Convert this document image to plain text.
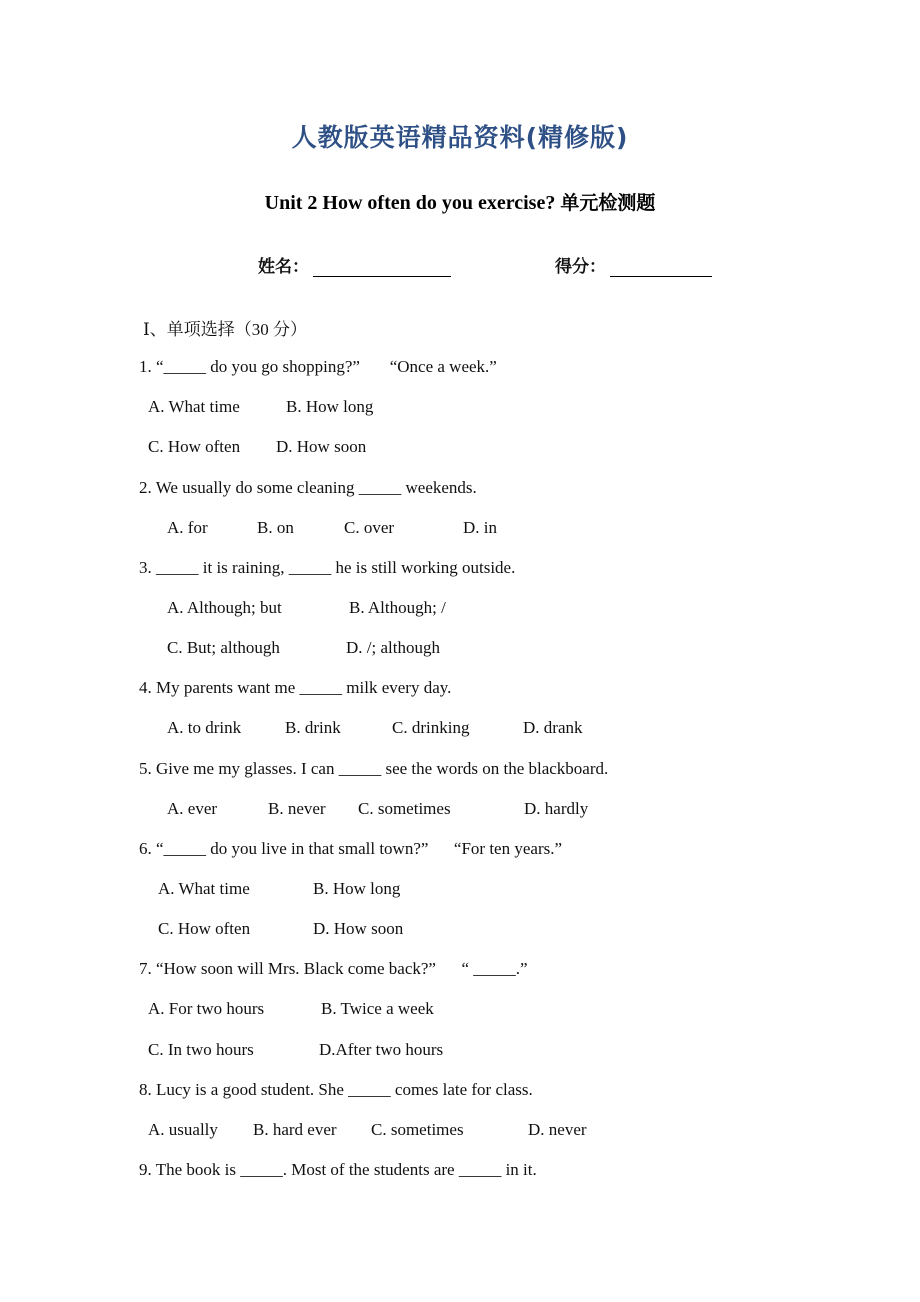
人教版英语精品资料(精修版)
Unit 2 How often do you exercise? 单元检测题
姓名：	得分：
Ⅰ、单项选择（30 分）
1. “_____ do you go shopping?”       “Once a week.”
A. What time	B. How long
C. How often D. How soon
2. We usually do some cleaning _____ weekends.
A. for	B. on	C. over	D. in
3. _____ it is raining, _____ he is still working outside.
A. Although; but	B. Although; /
C. But; although	D. /; although
4. My parents want me _____ milk every day.
A. to drink	B. drink	C. drinking	D. drank
5. Give me my glasses. I can _____ see the words on the blackboard.
A. ever	B. never C. sometimes	D. hardly
6. “_____ do you live in that small town?”      “For ten years.”
A. What time	B. How long
C. How often	D. How soon
7. “How soon will Mrs. Black come back?”      “ _____.”
A. For two hours	B. Twice a week
C. In two hours	D.After two hours
8. Lucy is a good student. She _____ comes late for class.
A. usually B. hard ever C. sometimes	D. never
9. The book is _____. Most of the students are _____ in it.
